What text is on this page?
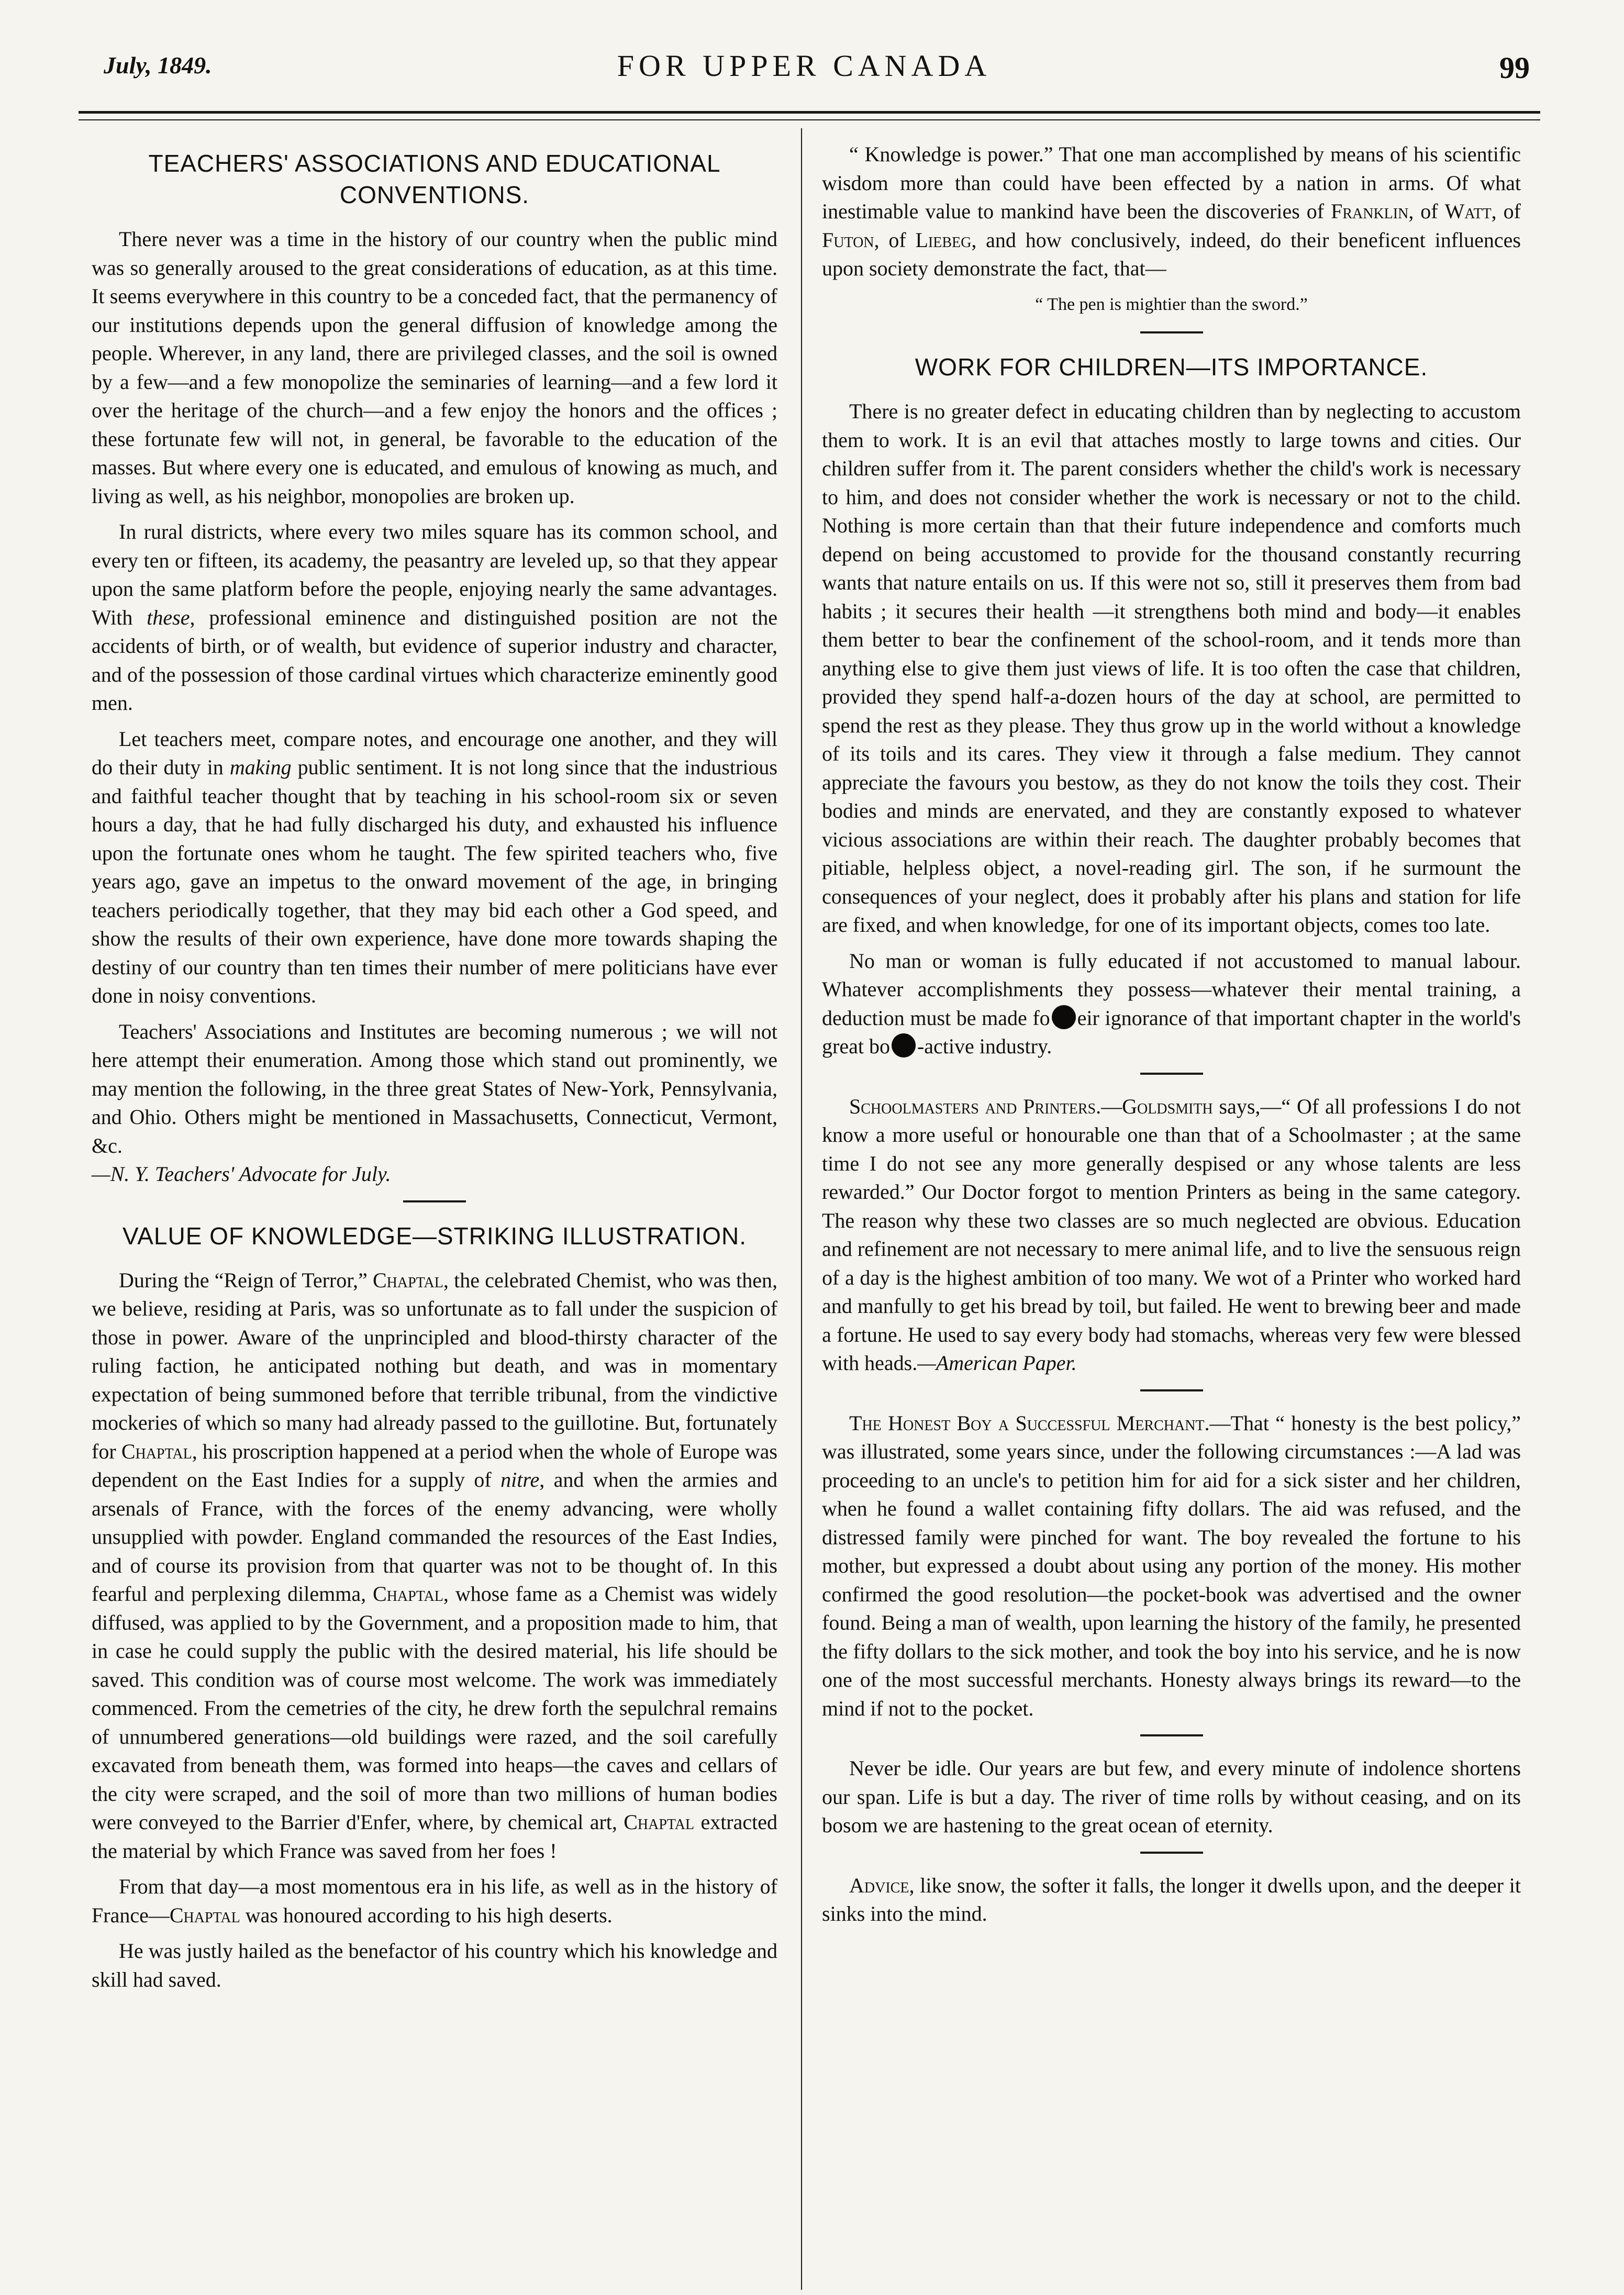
July, 1849.	FOR UPPER CANADA	99
TEACHERS' ASSOCIATIONS AND EDUCATIONAL CONVENTIONS.

There never was a time in the history of our country when the public mind was so generally aroused to the great considerations of education, as at this time. It seems everywhere in this country to be a conceded fact, that the permanency of our institutions depends upon the general diffusion of knowledge among the people. Wherever, in any land, there are privileged classes, and the soil is owned by a few—and a few monopolize the seminaries of learning—and a few lord it over the heritage of the church—and a few enjoy the honors and the offices ; these fortunate few will not, in general, be favorable to the education of the masses. But where every one is educated, and emulous of knowing as much, and living as well, as his neighbor, monopolies are broken up.

In rural districts, where every two miles square has its common school, and every ten or fifteen, its academy, the peasantry are leveled up, so that they appear upon the same platform before the people, enjoying nearly the same advantages. With these, professional eminence and distinguished position are not the accidents of birth, or of wealth, but evidence of superior industry and character, and of the possession of those cardinal virtues which characterize eminently good men.

Let teachers meet, compare notes, and encourage one another, and they will do their duty in making public sentiment. It is not long since that the industrious and faithful teacher thought that by teaching in his school-room six or seven hours a day, that he had fully discharged his duty, and exhausted his influence upon the fortunate ones whom he taught. The few spirited teachers who, five years ago, gave an impetus to the onward movement of the age, in bringing teachers periodically together, that they may bid each other a God speed, and show the results of their own experience, have done more towards shaping the destiny of our country than ten times their number of mere politicians have ever done in noisy conventions.

Teachers' Associations and Institutes are becoming numerous ; we will not here attempt their enumeration. Among those which stand out prominently, we may mention the following, in the three great States of New-York, Pennsylvania, and Ohio. Others might be mentioned in Massachusetts, Connecticut, Vermont, &c.
—N. Y. Teachers' Advocate for July.

VALUE OF KNOWLEDGE—STRIKING ILLUSTRATION.

During the “Reign of Terror,” Chaptal, the celebrated Chemist, who was then, we believe, residing at Paris, was so unfortunate as to fall under the suspicion of those in power. Aware of the unprincipled and blood-thirsty character of the ruling faction, he anticipated nothing but death, and was in momentary expectation of being summoned before that terrible tribunal, from the vindictive mockeries of which so many had already passed to the guillotine. But, fortunately for Chaptal, his proscription happened at a period when the whole of Europe was dependent on the East Indies for a supply of nitre, and when the armies and arsenals of France, with the forces of the enemy advancing, were wholly unsupplied with powder. England commanded the resources of the East Indies, and of course its provision from that quarter was not to be thought of. In this fearful and perplexing dilemma, Chaptal, whose fame as a Chemist was widely diffused, was applied to by the Government, and a proposition made to him, that in case he could supply the public with the desired material, his life should be saved. This condition was of course most welcome. The work was immediately commenced. From the cemetries of the city, he drew forth the sepulchral remains of unnumbered generations—old buildings were razed, and the soil carefully excavated from beneath them, was formed into heaps—the caves and cellars of the city were scraped, and the soil of more than two millions of human bodies were conveyed to the Barrier d'Enfer, where, by chemical art, Chaptal extracted the material by which France was saved from her foes !

From that day—a most momentous era in his life, as well as in the history of France—Chaptal was honoured according to his high deserts.

He was justly hailed as the benefactor of his country which his knowledge and skill had saved.

“ Knowledge is power.” That one man accomplished by means of his scientific wisdom more than could have been effected by a nation in arms. Of what inestimable value to mankind have been the discoveries of Franklin, of Watt, of Futon, of Liebeg, and how conclusively, indeed, do their beneficent influences upon society demonstrate the fact, that—

“ The pen is mightier than the sword.”
WORK FOR CHILDREN—ITS IMPORTANCE.

There is no greater defect in educating children than by neglecting to accustom them to work. It is an evil that attaches mostly to large towns and cities. Our children suffer from it. The parent considers whether the child's work is necessary to him, and does not consider whether the work is necessary or not to the child. Nothing is more certain than that their future independence and comforts much depend on being accustomed to provide for the thousand constantly recurring wants that nature entails on us. If this were not so, still it preserves them from bad habits ; it secures their health —it strengthens both mind and body—it enables them better to bear the confinement of the school-room, and it tends more than anything else to give them just views of life. It is too often the case that children, provided they spend half-a-dozen hours of the day at school, are permitted to spend the rest as they please. They thus grow up in the world without a knowledge of its toils and its cares. They view it through a false medium. They cannot appreciate the favours you bestow, as they do not know the toils they cost. Their bodies and minds are enervated, and they are constantly exposed to whatever vicious associations are within their reach. The daughter probably becomes that pitiable, helpless object, a novel-reading girl. The son, if he surmount the consequences of your neglect, does it probably after his plans and station for life are fixed, and when knowledge, for one of its important objects, comes too late.

No man or woman is fully educated if not accustomed to manual labour. Whatever accomplishments they possess—whatever their mental training, a deduction must be made fo eir ignorance of that important chapter in the world's great bo -active industry.

Schoolmasters and Printers.—Goldsmith says,—“ Of all professions I do not know a more useful or honourable one than that of a Schoolmaster ; at the same time I do not see any more generally despised or any whose talents are less rewarded.” Our Doctor forgot to mention Printers as being in the same category. The reason why these two classes are so much neglected are obvious. Education and refinement are not necessary to mere animal life, and to live the sensuous reign of a day is the highest ambition of too many. We wot of a Printer who worked hard and manfully to get his bread by toil, but failed. He went to brewing beer and made a fortune. He used to say every body had stomachs, whereas very few were blessed with heads.—American Paper.

The Honest Boy a Successful Merchant.—That “ honesty is the best policy,” was illustrated, some years since, under the following circumstances :—A lad was proceeding to an uncle's to petition him for aid for a sick sister and her children, when he found a wallet containing fifty dollars. The aid was refused, and the distressed family were pinched for want. The boy revealed the fortune to his mother, but expressed a doubt about using any portion of the money. His mother confirmed the good resolution—the pocket-book was advertised and the owner found. Being a man of wealth, upon learning the history of the family, he presented the fifty dollars to the sick mother, and took the boy into his service, and he is now one of the most successful merchants. Honesty always brings its reward—to the mind if not to the pocket.

Never be idle. Our years are but few, and every minute of indolence shortens our span. Life is but a day. The river of time rolls by without ceasing, and on its bosom we are hastening to the great ocean of eternity.

Advice, like snow, the softer it falls, the longer it dwells upon, and the deeper it sinks into the mind.
